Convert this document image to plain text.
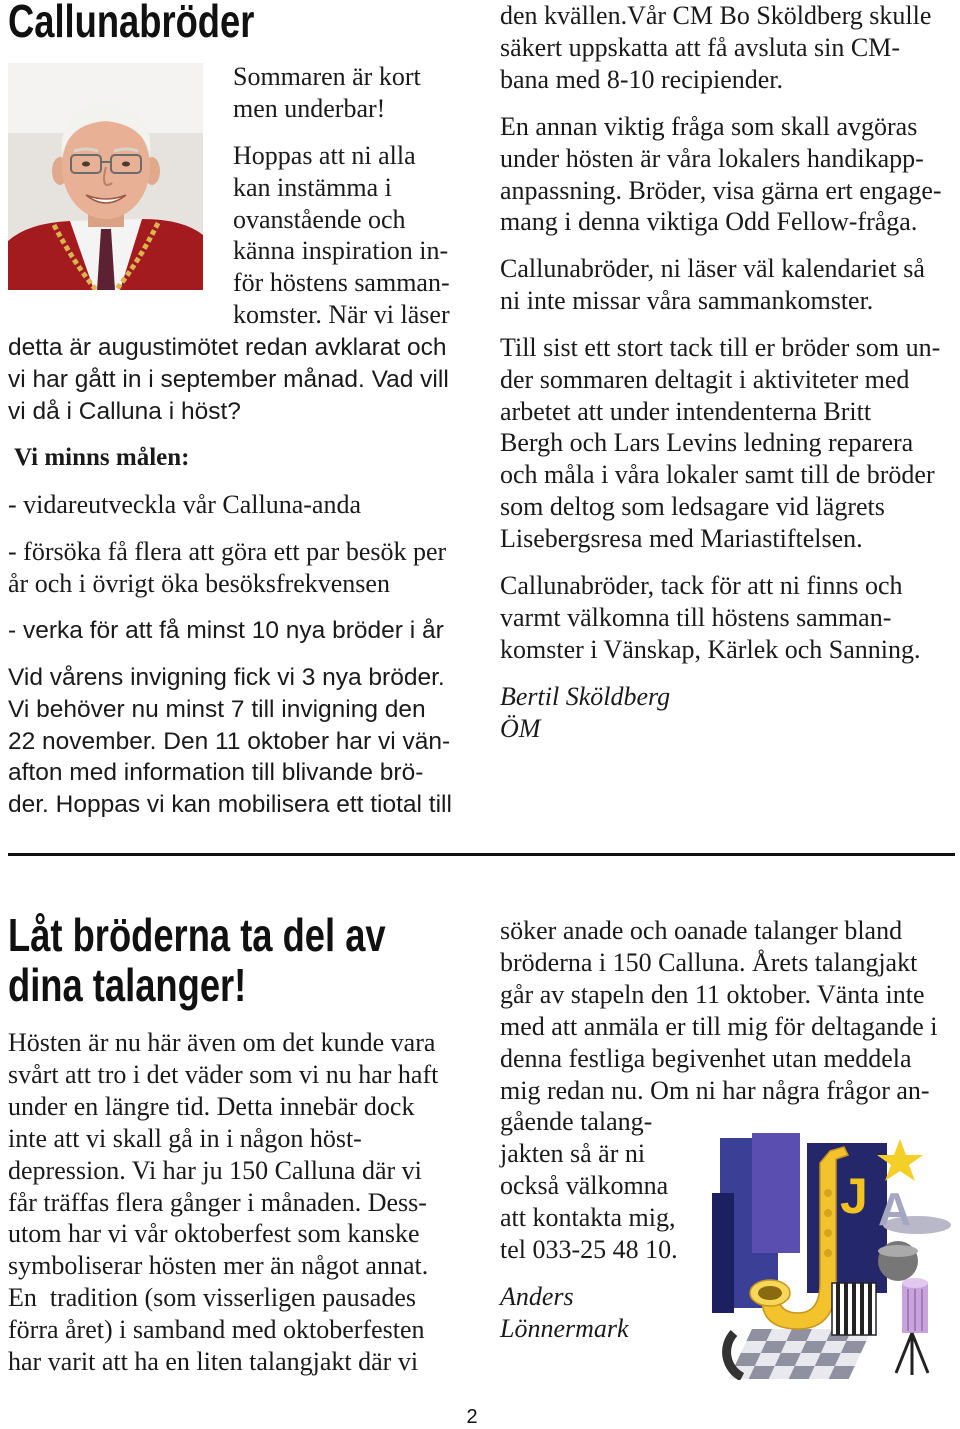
Callunabröder

Sommaren är kort
men underbar!

Hoppas att ni alla
kan instämma i
ovanstående och
känna inspiration in-
för höstens samman-
komster. När vi läser

detta är augustimötet redan avklarat och
vi har gått in i september månad. Vad vill
vi då i Calluna i höst?

Vi minns målen:

- vidareutveckla vår Calluna-anda

- försöka få flera att göra ett par besök per
år och i övrigt öka besöksfrekvensen

- verka för att få minst 10 nya bröder i år

Vid vårens invigning fick vi 3 nya bröder.
Vi behöver nu minst 7 till invigning den
22 november. Den 11 oktober har vi vän-
afton med information till blivande brö-
der. Hoppas vi kan mobilisera ett tiotal till

den kvällen.Vår CM Bo Sköldberg skulle
säkert uppskatta att få avsluta sin CM-
bana med 8-10 recipiender.

En annan viktig fråga som skall avgöras
under hösten är våra lokalers handikapp-
anpassning. Bröder, visa gärna ert engage-
mang i denna viktiga Odd Fellow-fråga.

Callunabröder, ni läser väl kalendariet så
ni inte missar våra sammankomster.

Till sist ett stort tack till er bröder som un-
der sommaren deltagit i aktiviteter med
arbetet att under intendenterna Britt
Bergh och Lars Levins ledning reparera
och måla i våra lokaler samt till de bröder
som deltog som ledsagare vid lägrets
Lisebergsresa med Mariastiftelsen.

Callunabröder, tack för att ni finns och
varmt välkomna till höstens samman-
komster i Vänskap, Kärlek och Sanning.

Bertil Sköldberg

ÖM

Låt bröderna ta del av
dina talanger!

Hösten är nu här även om det kunde vara
svårt att tro i det väder som vi nu har haft
under en längre tid. Detta innebär dock
inte att vi skall gå in i någon höst-
depression. Vi har ju 150 Calluna där vi
får träffas flera gånger i månaden. Dess-
utom har vi vår oktoberfest som kanske
symboliserar hösten mer än något annat.
En  tradition (som visserligen pausades
förra året) i samband med oktoberfesten
har varit att ha en liten talangjakt där vi

söker anade och oanade talanger bland
bröderna i 150 Calluna. Årets talangjakt
går av stapeln den 11 oktober. Vänta inte
med att anmäla er till mig för deltagande i
denna festliga begivenhet utan meddela
mig redan nu. Om ni har några frågor an-
gående talang-
jakten så är ni
också välkomna
att kontakta mig,
tel 033-25 48 10.

Anders

Lönnermark

J A
2
